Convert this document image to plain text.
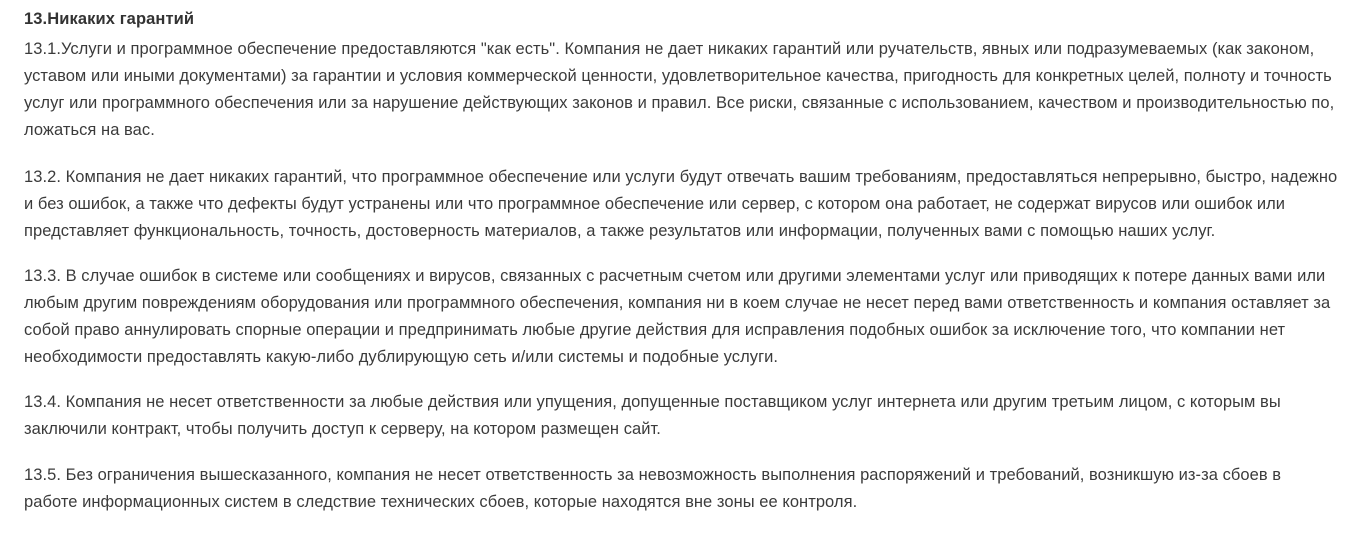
13.Никаких гарантий

13.1.Услуги и программное обеспечение предоставляются "как есть". Компания не дает никаких гарантий или ручательств, явных или подразумеваемых (как законом, уставом или иными документами) за гарантии и условия коммерческой ценности, удовлетворительное качества, пригодность для конкретных целей, полноту и точность услуг или программного обеспечения или за нарушение действующих законов и правил. Все риски, связанные с использованием, качеством и производительностью по, ложаться на вас.

13.2. Компания не дает никаких гарантий, что программное обеспечение или услуги будут отвечать вашим требованиям, предоставляться непрерывно, быстро, надежно и без ошибок, а также что дефекты будут устранены или что программное обеспечение или сервер, с котором она работает, не содержат вирусов или ошибок или представляет функциональность, точность, достоверность материалов, а также результатов или информации, полученных вами с помощью наших услуг.

13.3. В случае ошибок в системе или сообщениях и вирусов, связанных с расчетным счетом или другими элементами услуг или приводящих к потере данных вами или любым другим повреждениям оборудования или программного обеспечения, компания ни в коем случае не несет перед вами ответственность и компания оставляет за собой право аннулировать спорные операции и предпринимать любые другие действия для исправления подобных ошибок за исключение того, что компании нет необходимости предоставлять какую-либо дублирующую сеть и/или системы и подобные услуги.

13.4. Компания не несет ответственности за любые действия или упущения, допущенные поставщиком услуг интернета или другим третьим лицом, с которым вы заключили контракт, чтобы получить доступ к серверу, на котором размещен сайт.

13.5. Без ограничения вышесказанного, компания не несет ответственность за невозможность выполнения распоряжений и требований, возникшую из-за сбоев в работе информационных систем в следствие технических сбоев, которые находятся вне зоны ее контроля.
